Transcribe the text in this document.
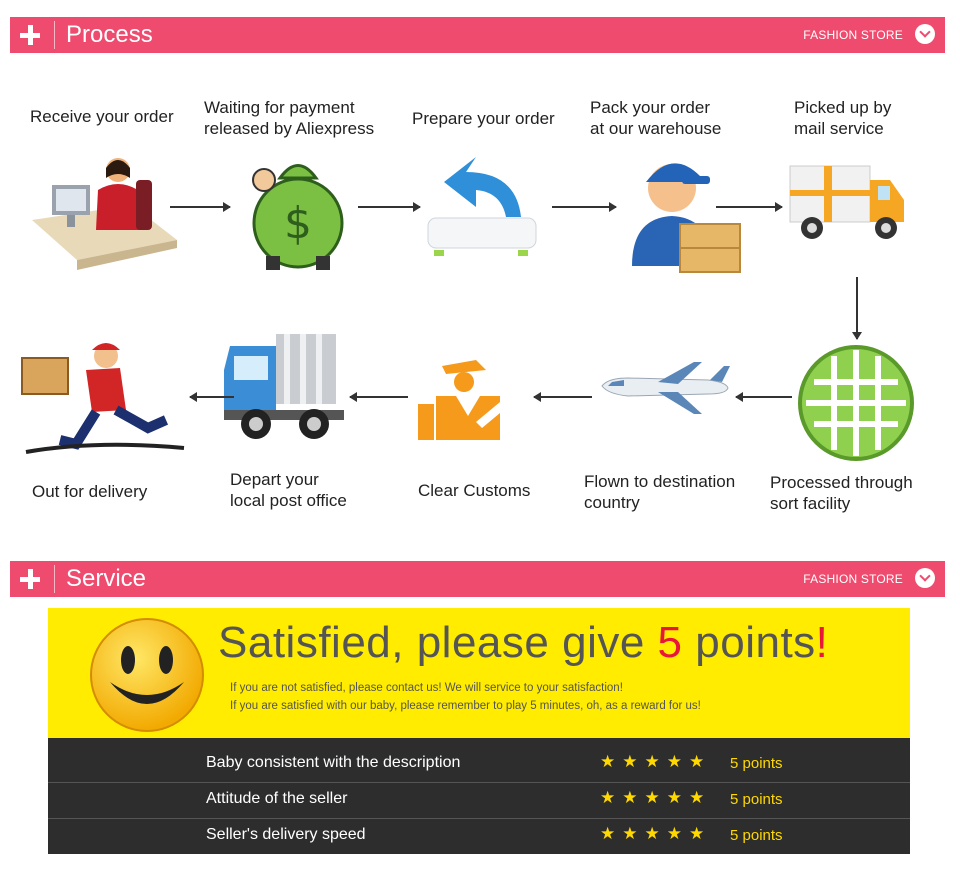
Process	FASHION STORE
Receive your order Waiting for payment
released by Aliexpress
Prepare your order
Pack your order
at our warehouse
Picked up by
mail service
$
Processed through
sort facility
Flown to destination
country
Clear Customs
Depart your
local post office
Out for delivery
Service	FASHION STORE
Satisfied, please give 5 points!
If you are not satisfied, please contact us! We will service to your satisfaction!
If you are satisfied with our baby, please remember to play 5 minutes, oh, as a reward for us!
Baby consistent with the description	★★★★★ 5 points
Attitude of the seller	★★★★★ 5 points
Seller's delivery speed	★★★★★ 5 points
